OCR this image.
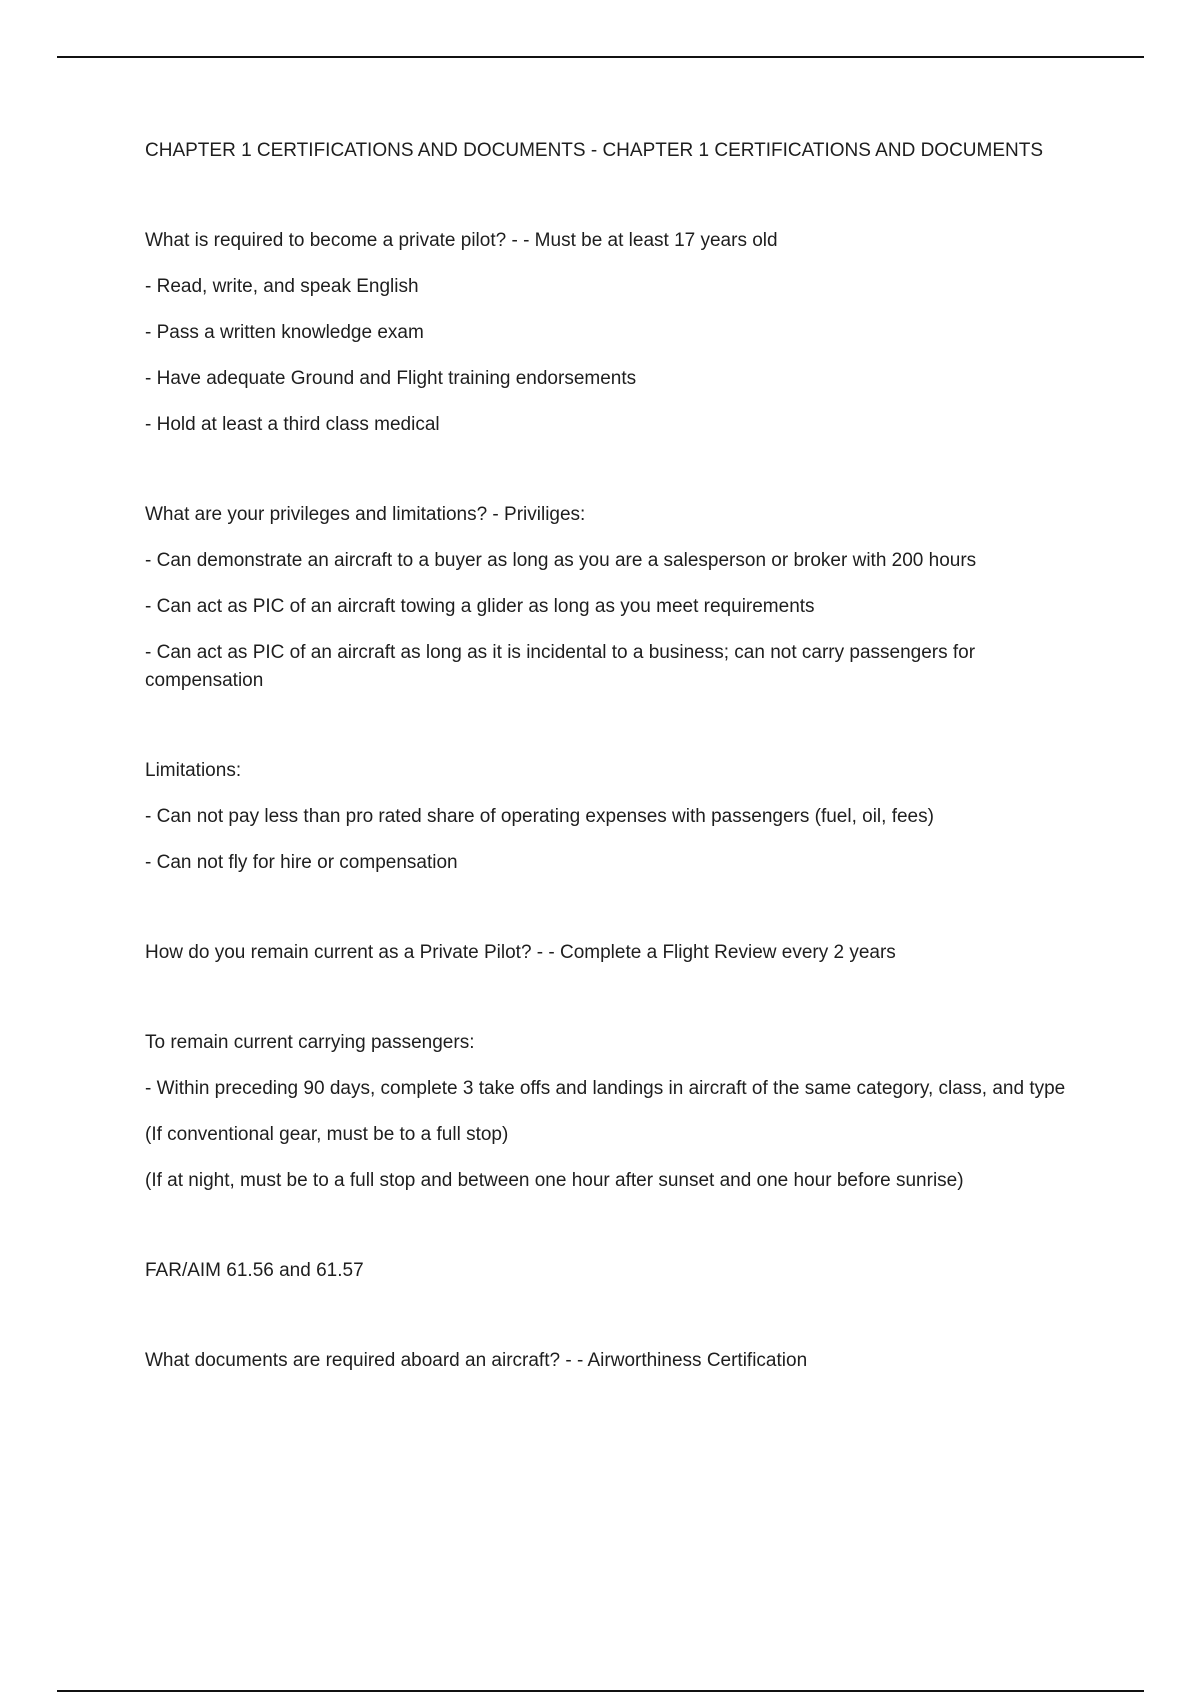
CHAPTER 1 CERTIFICATIONS AND DOCUMENTS - CHAPTER 1 CERTIFICATIONS AND DOCUMENTS
What is required to become a private pilot? - - Must be at least 17 years old
- Read, write, and speak English
- Pass a written knowledge exam
- Have adequate Ground and Flight training endorsements
- Hold at least a third class medical
What are your privileges and limitations? - Priviliges:
- Can demonstrate an aircraft to a buyer as long as you are a salesperson or broker with 200 hours
- Can act as PIC of an aircraft towing a glider as long as you meet requirements
- Can act as PIC of an aircraft as long as it is incidental to a business; can not carry passengers for compensation
Limitations:
- Can not pay less than pro rated share of operating expenses with passengers (fuel, oil, fees)
- Can not fly for hire or compensation
How do you remain current as a Private Pilot? - - Complete a Flight Review every 2 years
To remain current carrying passengers:
- Within preceding 90 days, complete 3 take offs and landings in aircraft of the same category, class, and type
(If conventional gear, must be to a full stop)
(If at night, must be to a full stop and between one hour after sunset and one hour before sunrise)
FAR/AIM 61.56 and 61.57
What documents are required aboard an aircraft? - - Airworthiness Certification
